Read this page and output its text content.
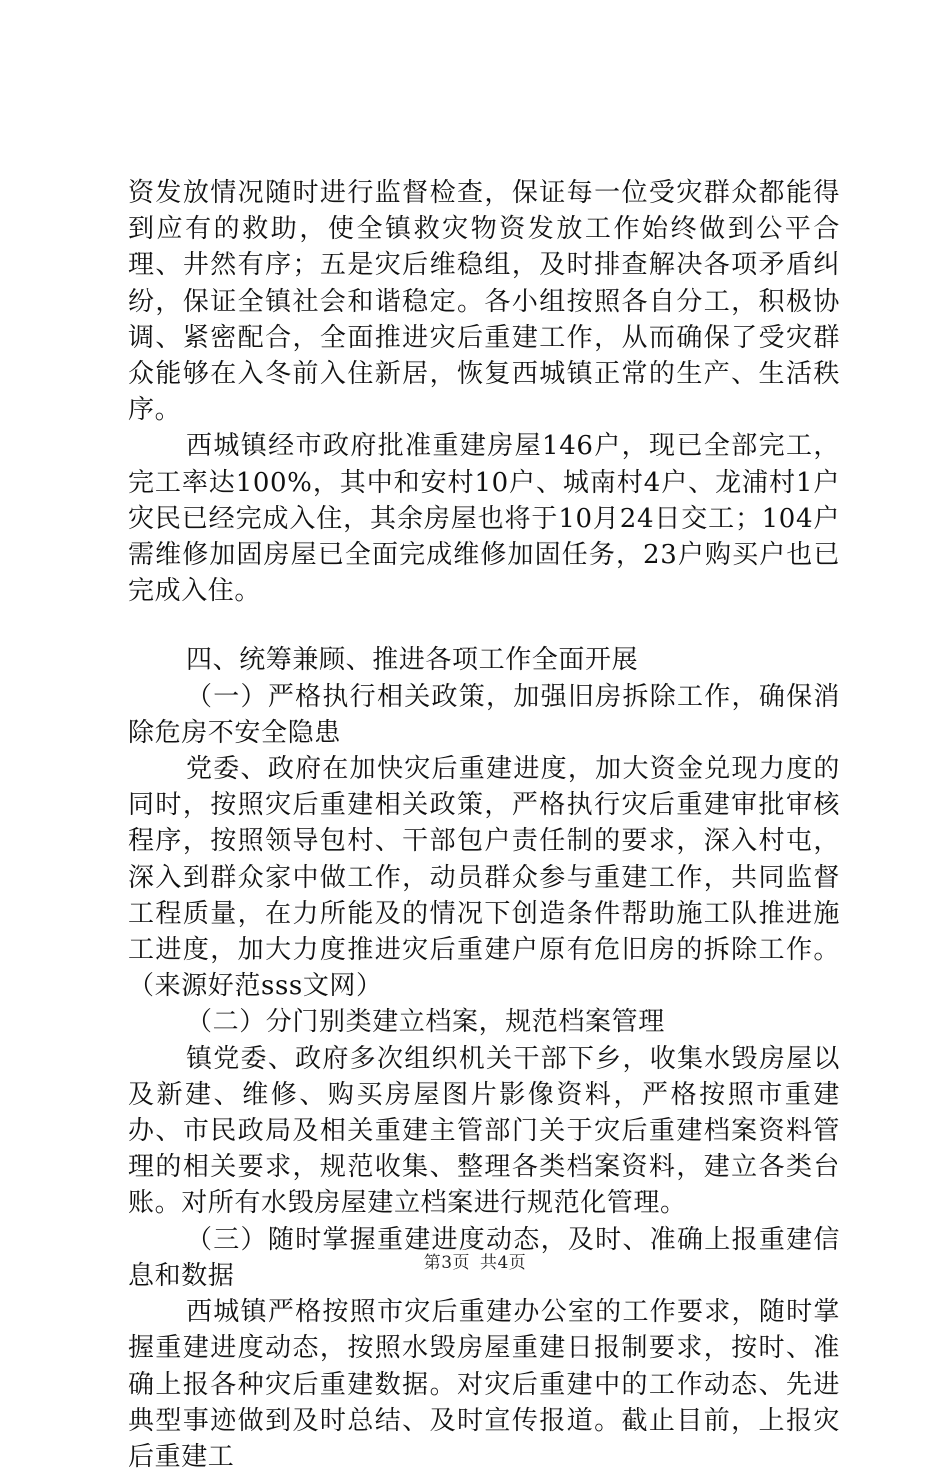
资发放情况随时进行监督检查，保证每一位受灾群众都能得到应有的救助，使全镇救灾物资发放工作始终做到公平合理、井然有序；五是灾后维稳组，及时排查解决各项矛盾纠纷，保证全镇社会和谐稳定。各小组按照各自分工，积极协调、紧密配合，全面推进灾后重建工作，从而确保了受灾群众能够在入冬前入住新居，恢复西城镇正常的生产、生活秩序。

西城镇经市政府批准重建房屋146户，现已全部完工，完工率达100%，其中和安村10户、城南村4户、龙浦村1户灾民已经完成入住，其余房屋也将于10月24日交工；104户需维修加固房屋已全面完成维修加固任务，23户购买户也已完成入住。

四、统筹兼顾、推进各项工作全面开展

（一）严格执行相关政策，加强旧房拆除工作，确保消除危房不安全隐患

党委、政府在加快灾后重建进度，加大资金兑现力度的同时，按照灾后重建相关政策，严格执行灾后重建审批审核程序，按照领导包村、干部包户责任制的要求，深入村屯，深入到群众家中做工作，动员群众参与重建工作，共同监督工程质量，在力所能及的情况下创造条件帮助施工队推进施工进度，加大力度推进灾后重建户原有危旧房的拆除工作。（来源好范sss文网）

（二）分门别类建立档案，规范档案管理

镇党委、政府多次组织机关干部下乡，收集水毁房屋以及新建、维修、购买房屋图片影像资料，严格按照市重建办、市民政局及相关重建主管部门关于灾后重建档案资料管理的相关要求，规范收集、整理各类档案资料，建立各类台账。对所有水毁房屋建立档案进行规范化管理。

（三）随时掌握重建进度动态，及时、准确上报重建信息和数据

西城镇严格按照市灾后重建办公室的工作要求，随时掌握重建进度动态，按照水毁房屋重建日报制要求，按时、准确上报各种灾后重建数据。对灾后重建中的工作动态、先进典型事迹做到及时总结、及时宣传报道。截止目前，上报灾后重建工

第3页 共4页
